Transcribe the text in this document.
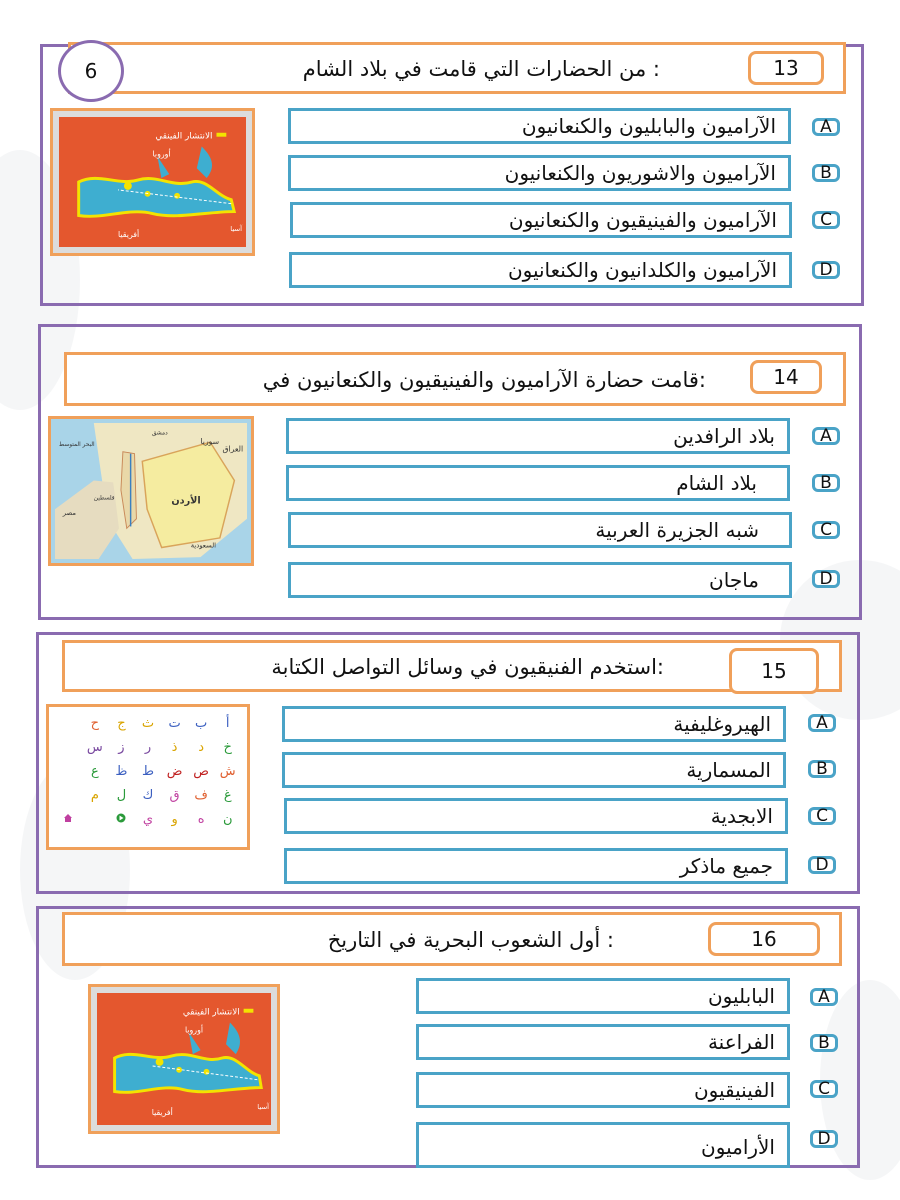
6	: من الحضارات التي قامت في بلاد الشام	13
الانتشار الفينقي
أوروبا
أفريقيا
آسيا
الآراميون والبابليون والكنعانيون	A
الآراميون والاشوريون والكنعانيون	B
الآراميون والفينيقيون والكنعانيون	C
الآراميون والكلدانيون والكنعانيون	D
:قامت حضارة الآراميون والفينيقيون والكنعانيون في	14
سوريا
الأردن
العراق
مصر
السعودية
فلسطين
البحر المتوسط
دمشق	بلاد الرافدين	A
بلاد الشام	B
شبه الجزيرة العربية	C
ماجان	D
:استخدم الفنيقيون في وسائل التواصل الكتابة	15
أ
ب
ت
ث
ج
ح
خ
د
ذ
ر
ز
س
ش
ص
ض
ط
ظ
ع
غ
ف
ق
ك
ل
م
ن
ه
و
ي
الهيروغليفية	A
المسمارية	B
الابجدية	C
جميع ماذكر	D
: أول الشعوب البحرية في التاريخ	16
الانتشار الفينقي
أوروبا
أفريقيا
آسيا
البابليون	A
الفراعنة	B
الفينيقيون	C
الأراميون	D
